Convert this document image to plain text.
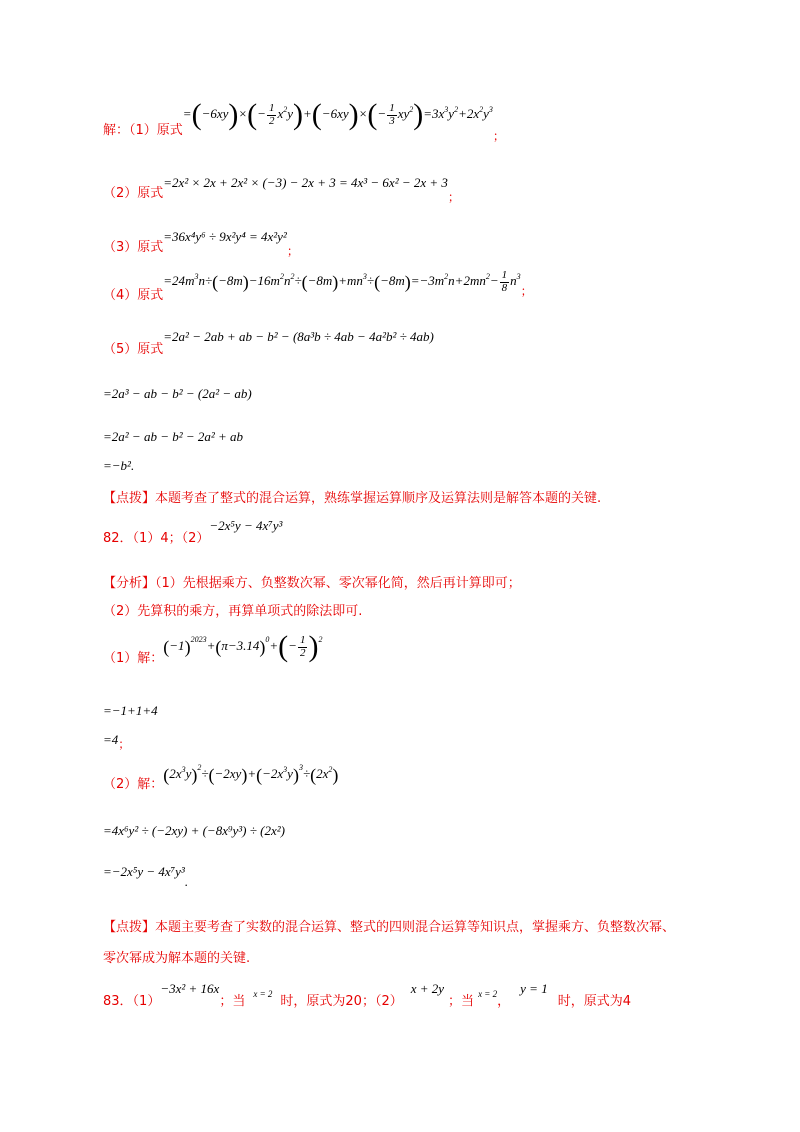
解：（1）原式$=(-6xy)\times(- \frac{1}{2} x^2y)+(-6xy)\times(- \frac{1}{3} xy^2)=3x^3y^2+2x^2y^3$；
（2）原式=2x² × 2x + 2x² × (−3) − 2x + 3 = 4x³ − 6x² − 2x + 3；
（3）原式=36x⁴y⁶ ÷ 9x²y⁴ = 4x²y²；
（4）原式$=24m^3n\div(-8m)-16m^2n^2\div(-8m)+mn^3\div(-8m)=-3m^2n+2mn^2- \frac{1}{8} n^3$；
（5）原式=2a² − 2ab + ab − b² − (8a³b ÷ 4ab − 4a²b² ÷ 4ab)
=2a³ − ab − b² − (2a² − ab)
=2a² − ab − b² − 2a² + ab
=−b².
【点拨】本题考查了整式的混合运算，熟练掌握运算顺序及运算法则是解答本题的关键.
82．（1）4；（2）−2x⁵y − 4x⁷y³
【分析】（1）先根据乘方、负整数次幂、零次幂化简，然后再计算即可；
（2）先算积的乘方，再算单项式的除法即可.
（1）解：$(-1)^{2023}+(\pi-3.14)^0+(- \frac{1}{2} )^2$
=−1+1+4
=4；
（2）解：$(2x^3y)^2\div(-2xy)+(-2x^3y)^3\div(2x^2)$
=4x⁶y² ÷ (−2xy) + (−8x⁹y³) ÷ (2x²)
=−2x⁵y − 4x⁷y³.
【点拨】本题主要考查了实数的混合运算、整式的四则混合运算等知识点，掌握乘方、负整数次幂、
零次幂成为解本题的关键.
83．（1）−3x² + 16x；当 $_{x = 2}$ 时，原式为20；（2）x + 2y；当 $_{x = 2}$，y = 1时，原式为4
